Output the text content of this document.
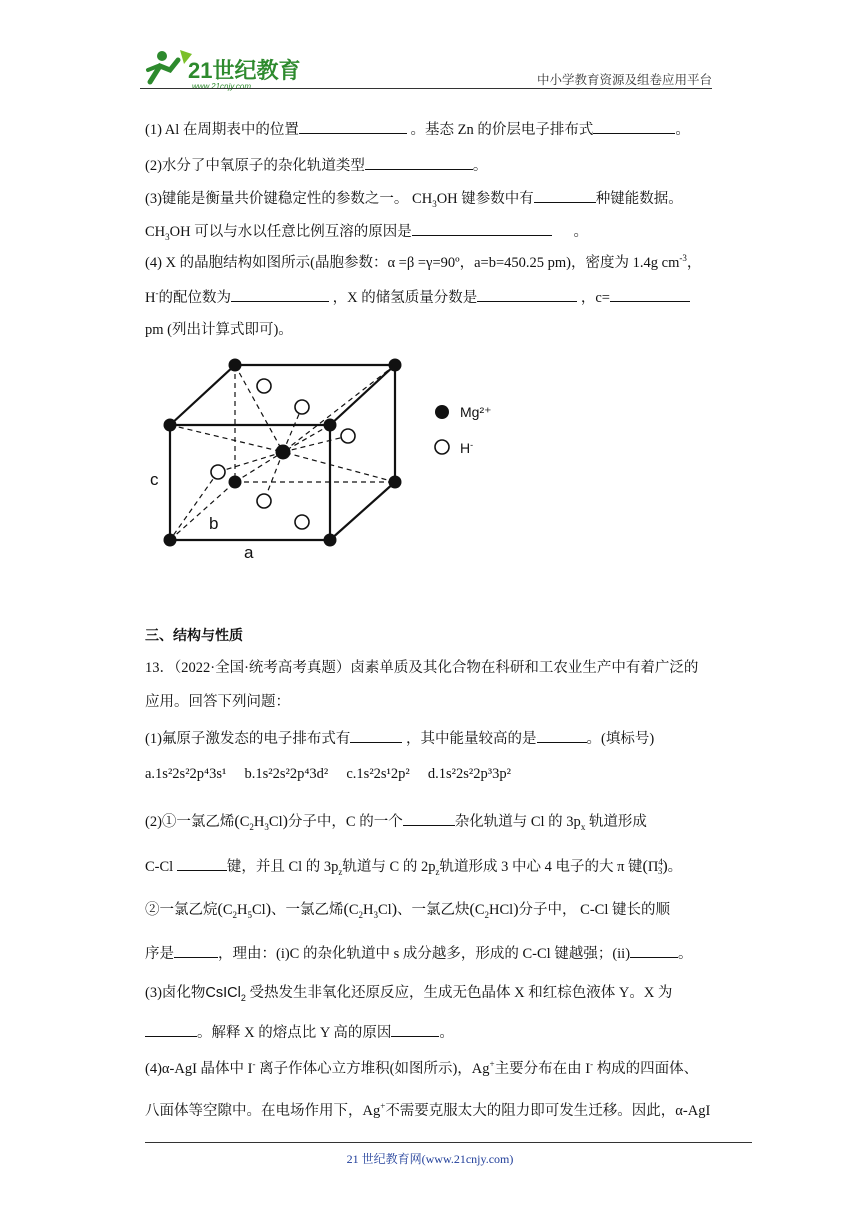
21世纪教育
www.21cnjy.com	中小学教育资源及组卷应用平台
(1) Al 在周期表中的位置	。基态 Zn 的价层电子排布式	。
(2)水分了中氧原子的杂化轨道类型	。
(3)键能是衡量共价键稳定性的参数之一。 $CH_3OH$ 键参数中有	种键能数据。
$CH_3OH$ 可以与水以任意比例互溶的原因是	。
(4) X 的晶胞结构如图所示(晶胞参数：α =β =γ=90º，a=b=450.25 pm)，密度为 1.4g $cm^{-3}$，
H-的配位数为	，X 的储氢质量分数是	，c=
pm (列出计算式即可)。
c
b
a
Mg²⁺
H-
三、结构与性质
13．（2022·全国·统考高考真题）卤素单质及其化合物在科研和工农业生产中有着广泛的
应用。回答下列问题：
(1)氟原子激发态的电子排布式有	，其中能量较高的是	。(填标号)
a.1s²2s²2p⁴3s¹ b.1s²2s²2p⁴3d² c.1s²2s¹2p² d.1s²2s²2p³3p²
(2)①一氯乙烯$(C_2H_3Cl)$分子中，C 的一个	杂化轨道与 Cl 的 $3p_x$ 轨道形成
C-Cl	键，并且 Cl 的 $3p_z$轨道与 C 的 $2p_z$轨道形成 3 中心 4 电子的大 π 键$(\Pi^4_3)$。
②一氯乙烷$(C_2H_5Cl)$、一氯乙烯$(C_2H_3Cl)$、一氯乙炔$(C_2HCl)$分子中， C-Cl 键长的顺
序是	，理由：(i)C 的杂化轨道中 s 成分越多，形成的 C-Cl 键越强；(ii)	。
(3)卤化物CsICl$_2$ 受热发生非氧化还原反应，生成无色晶体 X 和红棕色液体 Y。X 为
。解释 X 的熔点比 Y 高的原因	。
(4)α-AgI 晶体中 I- 离子作体心立方堆积(如图所示)，Ag+主要分布在由 I- 构成的四面体、
八面体等空隙中。在电场作用下，Ag+不需要克服太大的阻力即可发生迁移。因此，α-AgI
21 世纪教育网(www.21cnjy.com)
